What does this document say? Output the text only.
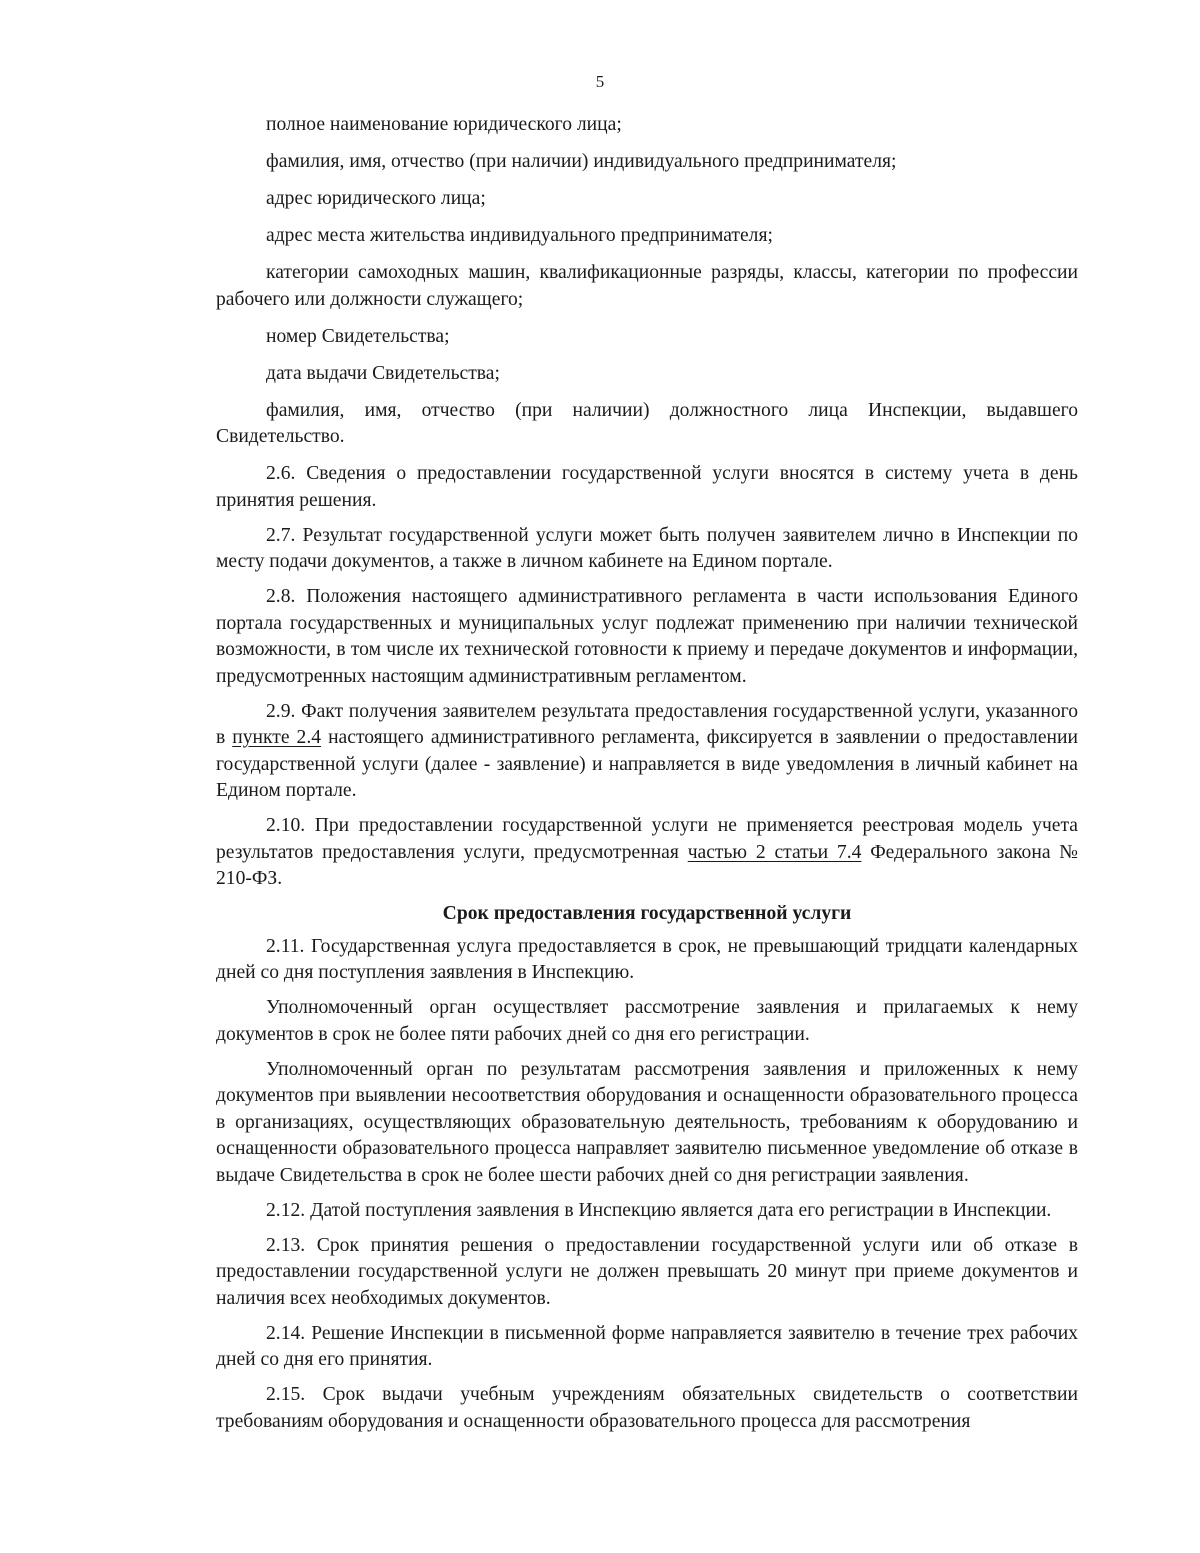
5

полное наименование юридического лица;

фамилия, имя, отчество (при наличии) индивидуального предпринимателя;

адрес юридического лица;

адрес места жительства индивидуального предпринимателя;

категории самоходных машин, квалификационные разряды, классы, категории по профессии рабочего или должности служащего;

номер Свидетельства;

дата выдачи Свидетельства;

фамилия, имя, отчество (при наличии) должностного лица Инспекции, выдавшего Свидетельство.

2.6. Сведения о предоставлении государственной услуги вносятся в систему учета в день принятия решения.

2.7. Результат государственной услуги может быть получен заявителем лично в Инспекции по месту подачи документов, а также в личном кабинете на Едином портале.

2.8. Положения настоящего административного регламента в части использования Единого портала государственных и муниципальных услуг подлежат применению при наличии технической возможности, в том числе их технической готовности к приему и передаче документов и информации, предусмотренных настоящим административным регламентом.

2.9. Факт получения заявителем результата предоставления государственной услуги, указанного в пункте 2.4 настоящего административного регламента, фиксируется в заявлении о предоставлении государственной услуги (далее - заявление) и направляется в виде уведомления в личный кабинет на Едином портале.

2.10. При предоставлении государственной услуги не применяется реестровая модель учета результатов предоставления услуги, предусмотренная частью 2 статьи 7.4 Федерального закона № 210-ФЗ.

Срок предоставления государственной услуги

2.11. Государственная услуга предоставляется в срок, не превышающий тридцати календарных дней со дня поступления заявления в Инспекцию.

Уполномоченный орган осуществляет рассмотрение заявления и прилагаемых к нему документов в срок не более пяти рабочих дней со дня его регистрации.

Уполномоченный орган по результатам рассмотрения заявления и приложенных к нему документов при выявлении несоответствия оборудования и оснащенности образовательного процесса в организациях, осуществляющих образовательную деятельность, требованиям к оборудованию и оснащенности образовательного процесса направляет заявителю письменное уведомление об отказе в выдаче Свидетельства в срок не более шести рабочих дней со дня регистрации заявления.

2.12. Датой поступления заявления в Инспекцию является дата его регистрации в Инспекции.

2.13. Срок принятия решения о предоставлении государственной услуги или об отказе в предоставлении государственной услуги не должен превышать 20 минут при приеме документов и наличия всех необходимых документов.

2.14. Решение Инспекции в письменной форме направляется заявителю в течение трех рабочих дней со дня его принятия.

2.15. Срок выдачи учебным учреждениям обязательных свидетельств о соответствии требованиям оборудования и оснащенности образовательного процесса для рассмотрения
